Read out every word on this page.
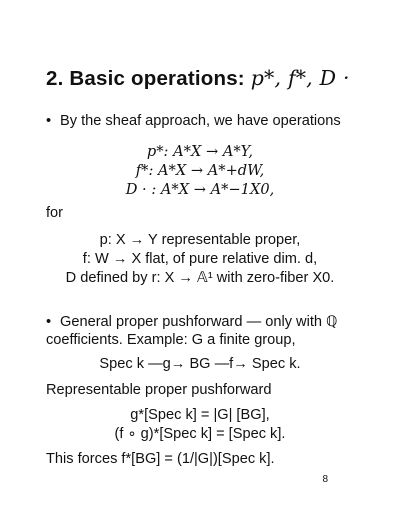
2. Basic operations: p*, f*, D ·
• By the sheaf approach, we have operations
p*: A*X → A*Y,
f*: A*X → A*+dW,
D · : A*X → A*−1X0,
for
p: X → Y representable proper,
f: W → X flat, of pure relative dim. d,
D defined by r: X → 𝔸¹ with zero-fiber X0.
• General proper pushforward — only with ℚ
coefficients. Example: G a finite group,
Spec k —g→ BG —f→ Spec k.
Representable proper pushforward
g*[Spec k] = |G| [BG],
(f ∘ g)*[Spec k] = [Spec k].
This forces f*[BG] = (1/|G|)[Spec k].
8
